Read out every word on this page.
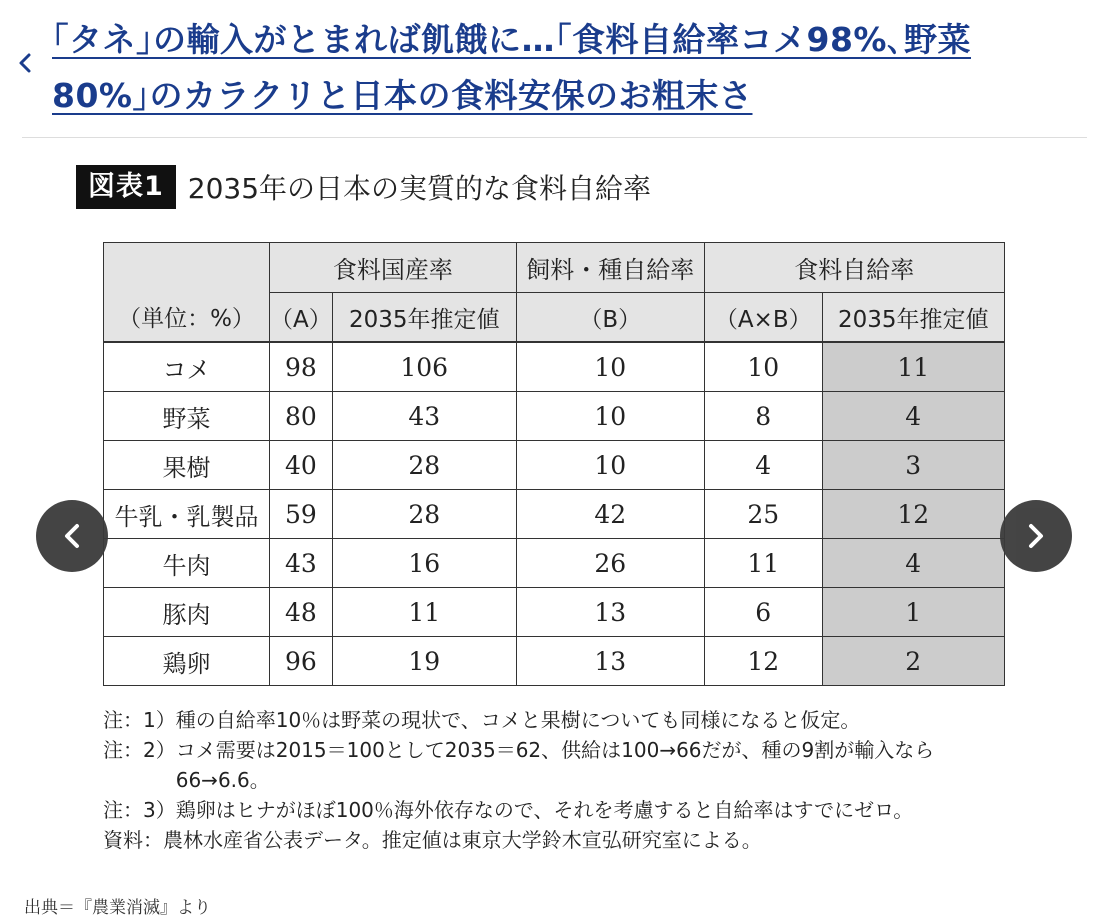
｢タネ｣の輸入がとまれば飢餓に…｢食料自給率コメ98%､野菜
80%｣のカラクリと日本の食料安保のお粗末さ
図表1 2035年の日本の実質的な食料自給率
	食料国産率		飼料・種自給率	食料自給率	
（単位：%）	（A）	2035年推定値	（B）	（A×B）	2035年推定値
コメ	98	106	10	10	11
野菜	80	43	10	8	4
果樹	40	28	10	4	3
牛乳・乳製品	59	28	42	25	12
牛肉	43	16	26	11	4
豚肉	48	11	13	6	1
鶏卵	96	19	13	12	2
注：1） 種の自給率10％は野菜の現状で、コメと果樹についても同様になると仮定。
注：2） コメ需要は2015＝100として2035＝62、供給は100→66だが、種の9割が輸入なら66→6.6。
注：3） 鶏卵はヒナがほぼ100％海外依存なので、それを考慮すると自給率はすでにゼロ。
資料： 農林水産省公表データ。推定値は東京大学鈴木宣弘研究室による。
出典＝『農業消滅』より
